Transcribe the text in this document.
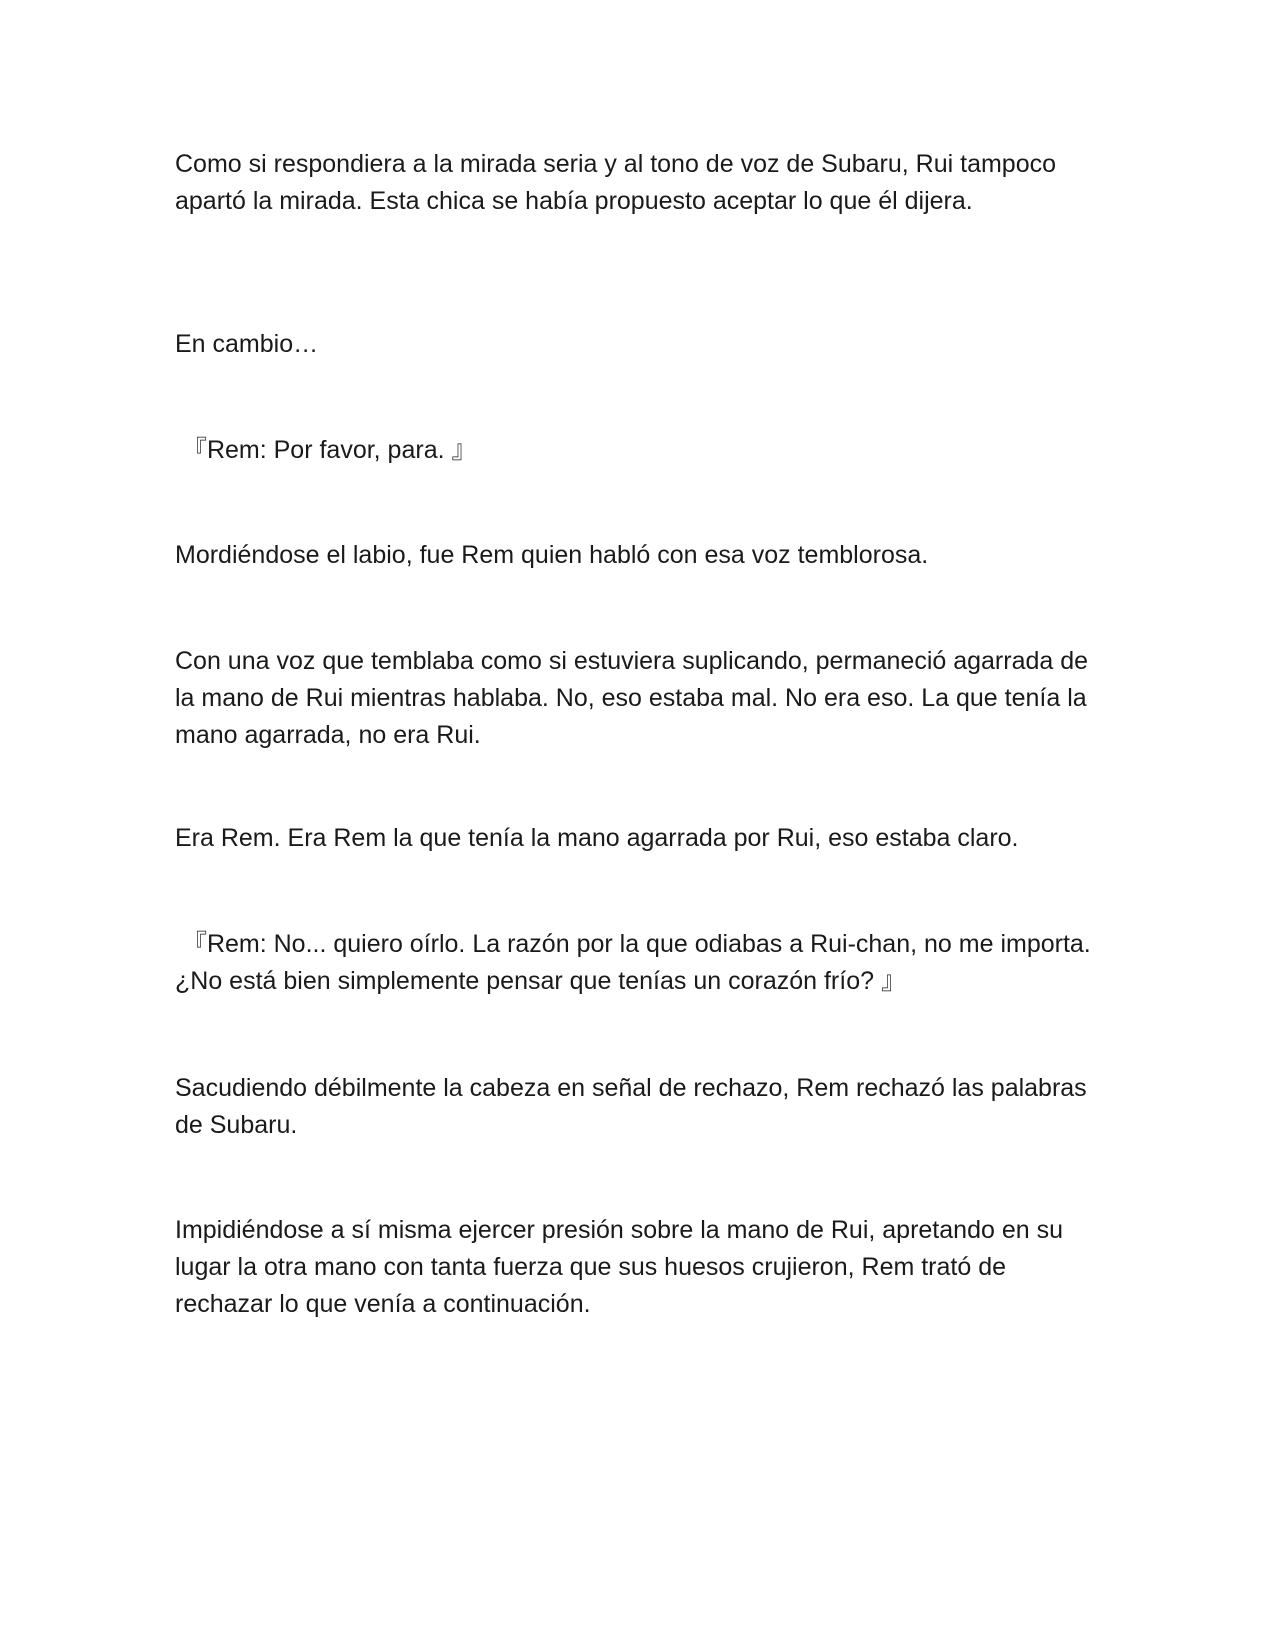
Como si respondiera a la mirada seria y al tono de voz de Subaru, Rui tampoco apartó la mirada. Esta chica se había propuesto aceptar lo que él dijera.

En cambio…

『Rem: Por favor, para. 』

Mordiéndose el labio, fue Rem quien habló con esa voz temblorosa.

Con una voz que temblaba como si estuviera suplicando, permaneció agarrada de la mano de Rui mientras hablaba. No, eso estaba mal. No era eso. La que tenía la mano agarrada, no era Rui.

Era Rem. Era Rem la que tenía la mano agarrada por Rui, eso estaba claro.

『Rem: No... quiero oírlo. La razón por la que odiabas a Rui-chan, no me importa. ¿No está bien simplemente pensar que tenías un corazón frío? 』

Sacudiendo débilmente la cabeza en señal de rechazo, Rem rechazó las palabras de Subaru.

Impidiéndose a sí misma ejercer presión sobre la mano de Rui, apretando en su lugar la otra mano con tanta fuerza que sus huesos crujieron, Rem trató de rechazar lo que venía a continuación.
